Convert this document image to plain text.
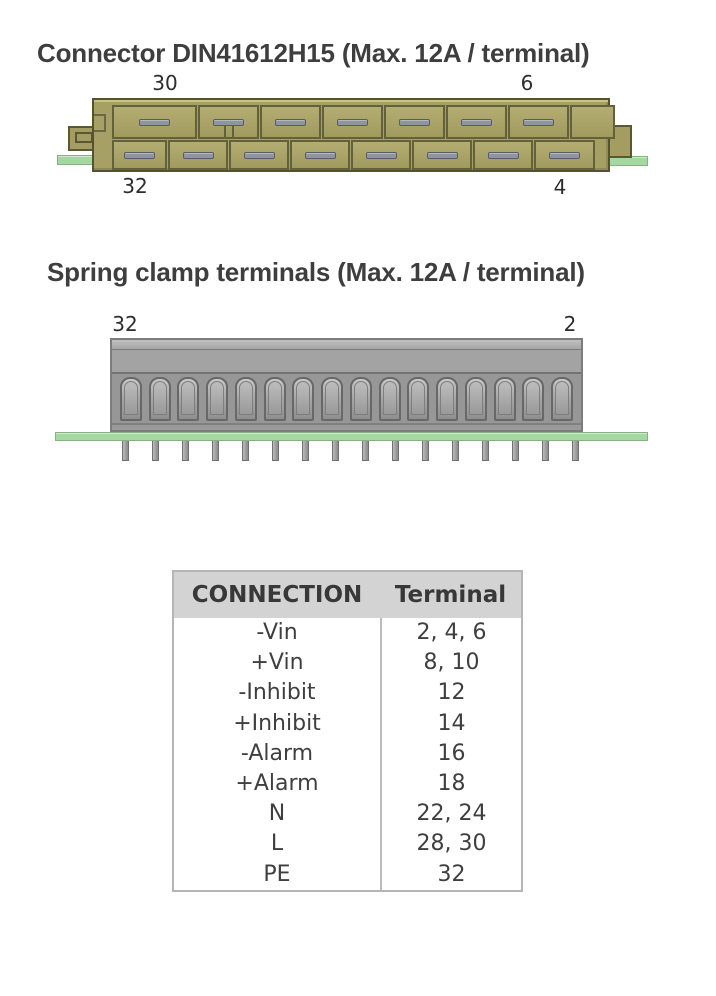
Connector DIN41612H15 (Max. 12A / terminal)
30	6
32	4
Spring clamp terminals (Max. 12A / terminal)
32	2
CONNECTION	Terminal
-Vin	2, 4, 6
+Vin	8, 10
-Inhibit	12
+Inhibit	14
-Alarm	16
+Alarm	18
N	22, 24
L	28, 30
PE	32
